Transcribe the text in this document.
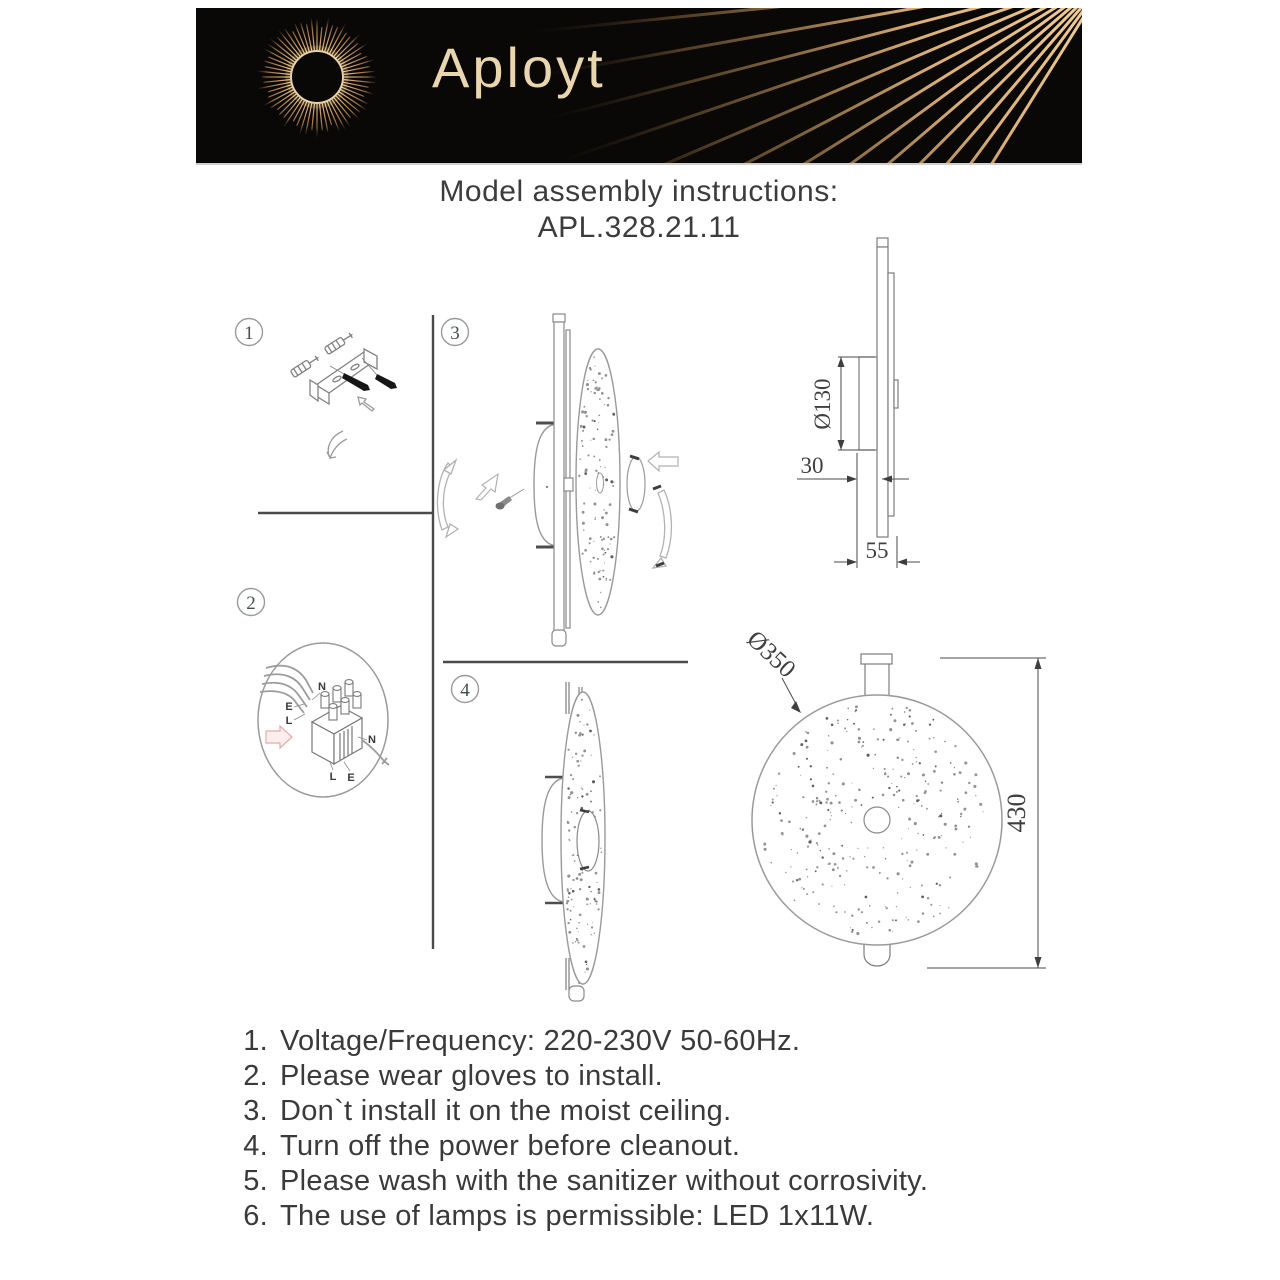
Aployt
Model assembly instructions:
APL.328.21.11
1
2
3
4
N
E
L
N
L E
Ø130
30
55
Ø350
430
1. Voltage/Frequency: 220-230V 50-60Hz.
2. Please wear gloves to install.
3. Don`t install it on the moist ceiling.
4. Turn off the power before cleanout.
5. Please wash with the sanitizer without corrosivity.
6. The use of lamps is permissible: LED 1x11W.
